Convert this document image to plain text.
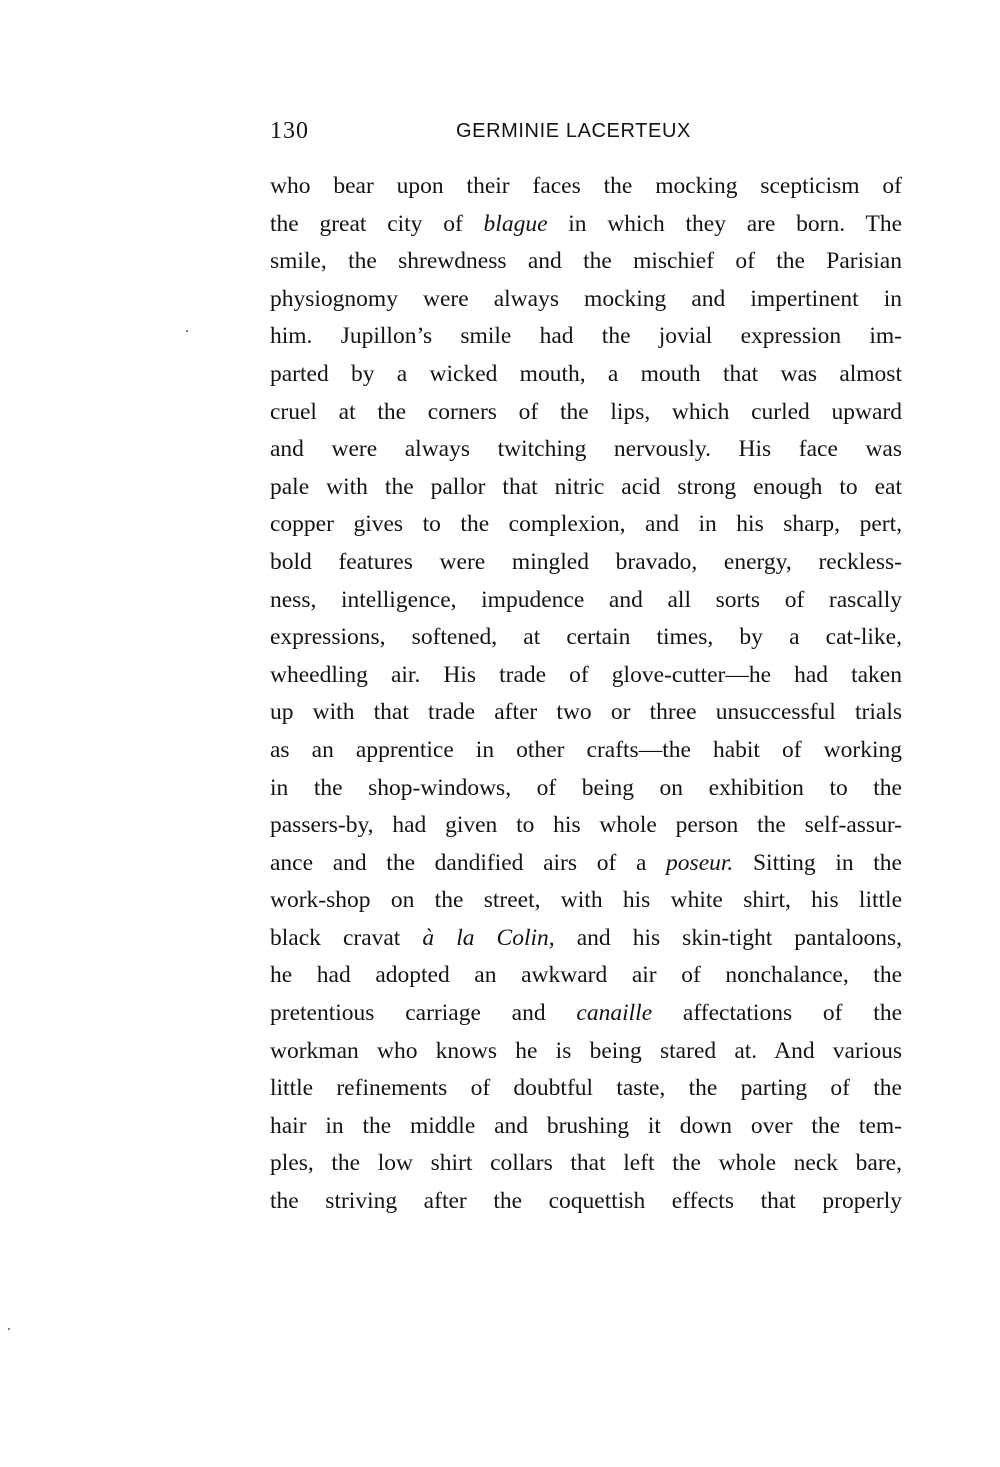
130	GERMINIE LACERTEUX
who bear upon their faces the mocking scepticism of
the great city of blague in which they are born. The
smile, the shrewdness and the mischief of the Parisian
physiognomy were always mocking and impertinent in
him. Jupillon’s smile had the jovial expression im-
parted by a wicked mouth, a mouth that was almost
cruel at the corners of the lips, which curled upward
and were always twitching nervously. His face was
pale with the pallor that nitric acid strong enough to eat
copper gives to the complexion, and in his sharp, pert,
bold features were mingled bravado, energy, reckless-
ness, intelligence, impudence and all sorts of rascally
expressions, softened, at certain times, by a cat-like,
wheedling air. His trade of glove-cutter—he had taken
up with that trade after two or three unsuccessful trials
as an apprentice in other crafts—the habit of working
in the shop-windows, of being on exhibition to the
passers-by, had given to his whole person the self-assur-
ance and the dandified airs of a poseur. Sitting in the
work-shop on the street, with his white shirt, his little
black cravat à la Colin, and his skin-tight pantaloons,
he had adopted an awkward air of nonchalance, the
pretentious carriage and canaille affectations of the
workman who knows he is being stared at. And various
little refinements of doubtful taste, the parting of the
hair in the middle and brushing it down over the tem-
ples, the low shirt collars that left the whole neck bare,
the striving after the coquettish effects that properly
